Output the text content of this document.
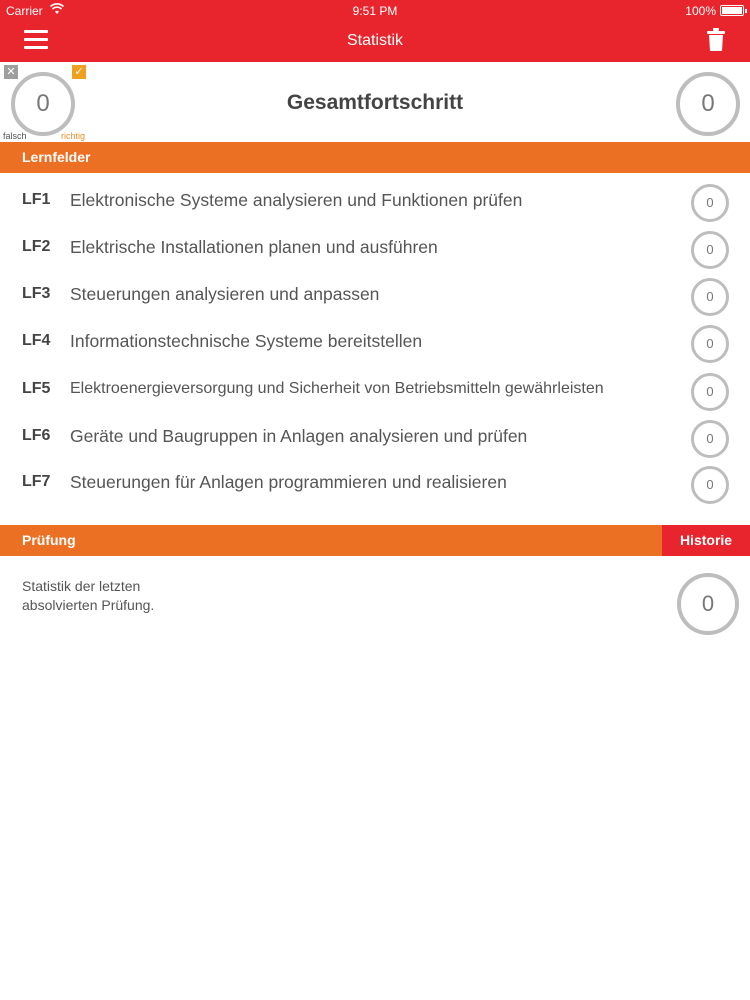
Carrier	9:51 PM	100%
Statistik
✕	✓
0
falsch	richtig
Gesamtfortschritt	0
Lernfelder
LF1 Elektronische Systeme analysieren und Funktionen prüfen	0
LF2 Elektrische Installationen planen und ausführen	0
LF3 Steuerungen analysieren und anpassen	0
LF4 Informationstechnische Systeme bereitstellen	0
LF5 Elektroenergieversorgung und Sicherheit von Betriebsmitteln gewährleisten	0
LF6 Geräte und Baugruppen in Anlagen analysieren und prüfen	0
LF7 Steuerungen für Anlagen programmieren und realisieren	0
Prüfung	Historie
Statistik der letzten
absolvierten Prüfung.	0
